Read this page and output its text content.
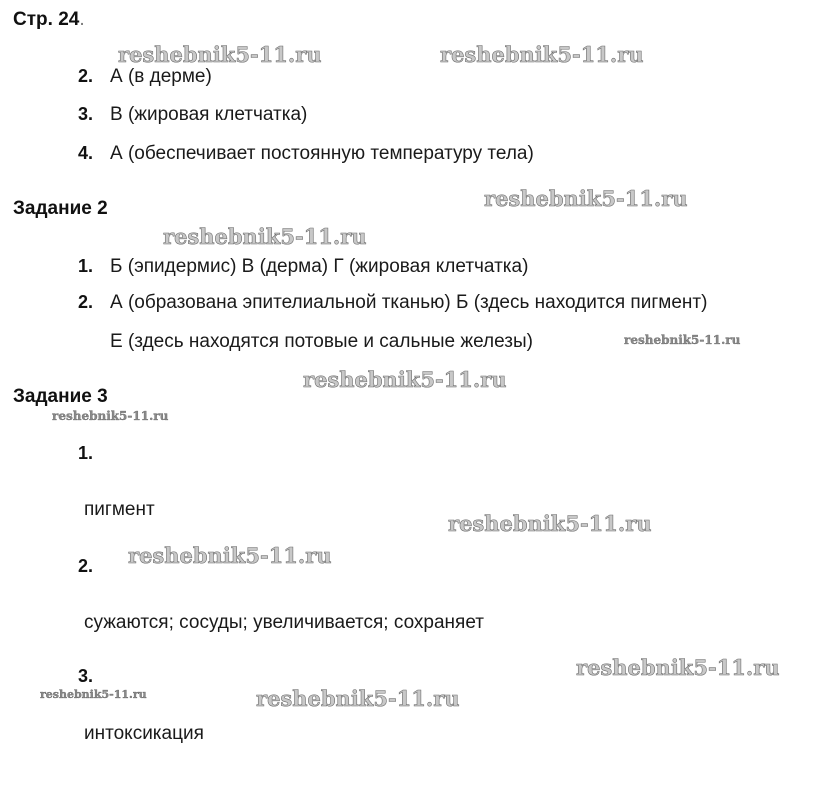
Стр. 24.
2. А (в дерме)
3. В (жировая клетчатка)
4. А (обеспечивает постоянную температуру тела)
Задание 2
1. Б (эпидермис) В (дерма) Г (жировая клетчатка)
2. А (образована эпителиальной тканью) Б (здесь находится пигмент)
Е (здесь находятся потовые и сальные железы)
Задание 3
1.
пигмент
2.
сужаются; сосуды; увеличивается; сохраняет
3.
интоксикация
reshebnik5-11.ru	reshebnik5-11.ru
reshebnik5-11.ru
reshebnik5-11.ru
reshebnik5-11.ru
reshebnik5-11.ru
reshebnik5-11.ru
reshebnik5-11.ru
reshebnik5-11.ru
reshebnik5-11.ru
reshebnik5-11.ru	reshebnik5-11.ru
